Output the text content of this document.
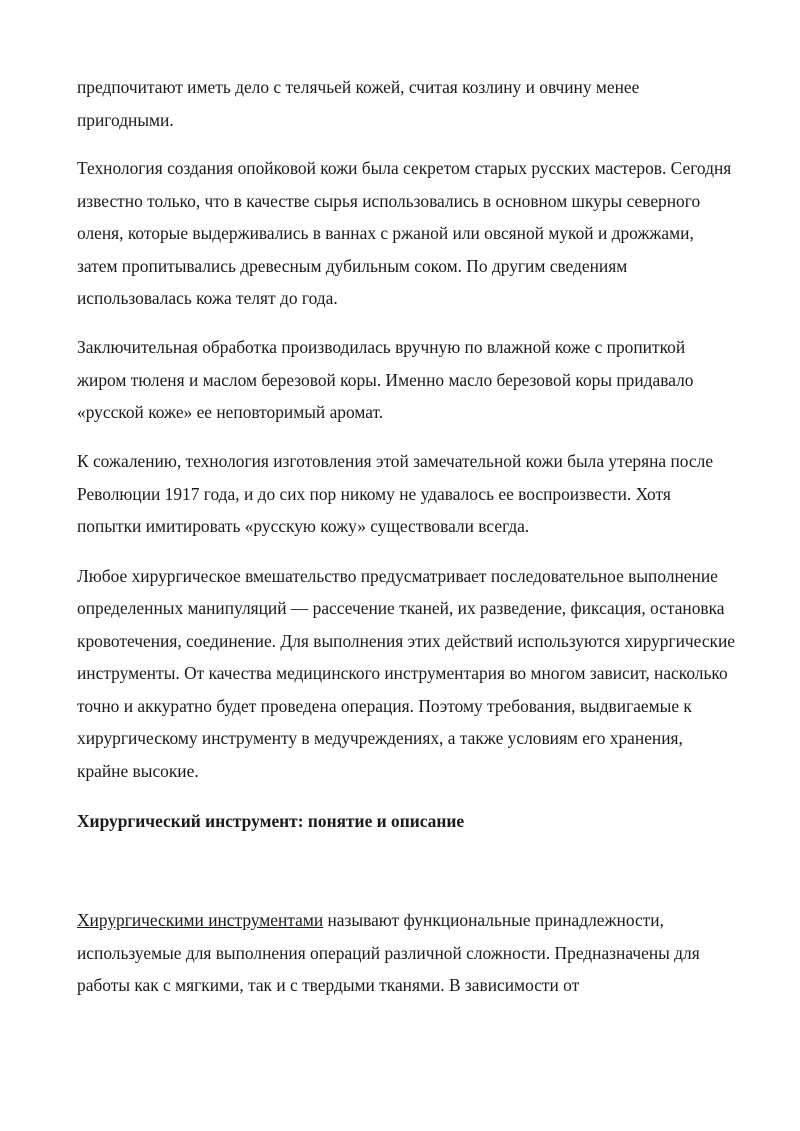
предпочитают иметь дело с телячьей кожей, считая козлину и овчину менее пригодными.

Технология создания опойковой кожи была секретом старых русских мастеров. Сегодня известно только, что в качестве сырья использовались в основном шкуры северного оленя, которые выдерживались в ваннах с ржаной или овсяной мукой и дрожжами, затем пропитывались древесным дубильным соком. По другим сведениям использовалась кожа телят до года.

Заключительная обработка производилась вручную по влажной коже с пропиткой жиром тюленя и маслом березовой коры. Именно масло березовой коры придавало «русской коже» ее неповторимый аромат.

К сожалению, технология изготовления этой замечательной кожи была утеряна после Революции 1917 года, и до сих пор никому не удавалось ее воспроизвести. Хотя попытки имитировать «русскую кожу» существовали всегда.

Любое хирургическое вмешательство предусматривает последовательное выполнение определенных манипуляций — рассечение тканей, их разведение, фиксация, остановка кровотечения, соединение. Для выполнения этих действий используются хирургические инструменты. От качества медицинского инструментария во многом зависит, насколько точно и аккуратно будет проведена операция. Поэтому требования, выдвигаемые к хирургическому инструменту в медучреждениях, а также условиям его хранения, крайне высокие.

Хирургический инструмент: понятие и описание

Хирургическими инструментами называют функциональные принадлежности, используемые для выполнения операций различной сложности. Предназначены для работы как с мягкими, так и с твердыми тканями. В зависимости от
